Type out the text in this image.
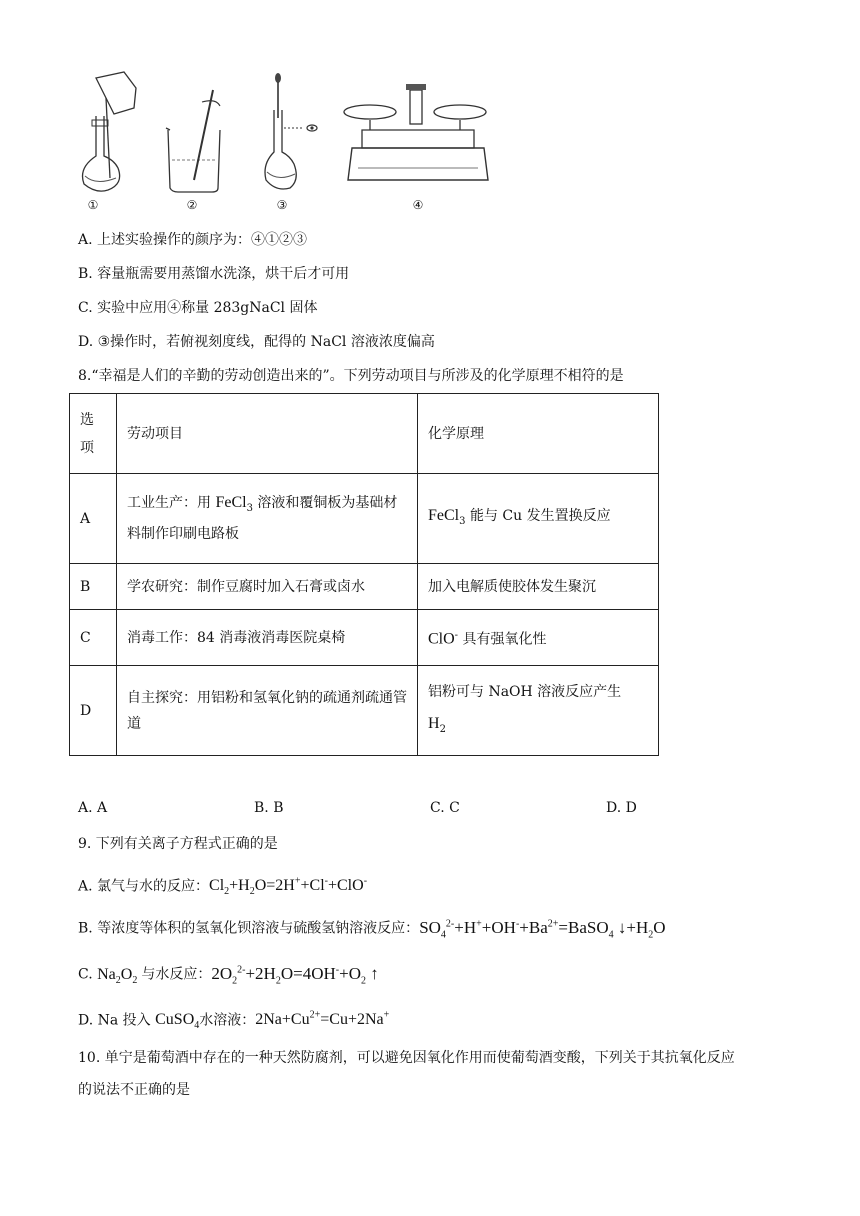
①	②	③	④
A. 上述实验操作的颜序为：④①②③
B. 容量瓶需要用蒸馏水洗涤，烘干后才可用
C. 实验中应用④称量 283gNaCl 固体
D. ③操作时，若俯视刻度线，配得的 NaCl 溶液浓度偏高
8.“幸福是人们的辛勤的劳动创造出来的”。下列劳动项目与所涉及的化学原理不相符的是
选项	劳动项目	化学原理
A	工业生产：用 FeCl$_3$ 溶液和覆铜板为基础材料制作印刷电路板	FeCl$_3$ 能与 Cu 发生置换反应
B	学农研究：制作豆腐时加入石膏或卤水	加入电解质使胶体发生聚沉
C	消毒工作：84 消毒液消毒医院桌椅	ClO- 具有强氧化性
D	自主探究：用铝粉和氢氧化钠的疏通剂疏通管道	铝粉可与 NaOH 溶液反应产生
$H_2$
A. A	B. B	C. C	D. D
9. 下列有关离子方程式正确的是
A. 氯气与水的反应：$Cl_2+H_2O=2H^++Cl^-+ClO^-$
B. 等浓度等体积的氢氧化钡溶液与硫酸氢钠溶液反应：$SO_4^{2-}+H^++OH^-+Ba^{2+}=BaSO_4$ $↓+H_2O$
C. $Na_2O_2$ 与水反应：$2O_2^{2-}+2H_2O=4OH^-+O_2$ ↑
D. Na 投入 CuSO$_4$水溶液：$2Na+Cu^{2+}=Cu+2Na^+$
10. 单宁是葡萄酒中存在的一种天然防腐剂，可以避免因氧化作用而使葡萄酒变酸，下列关于其抗氧化反应
的说法不正确的是
